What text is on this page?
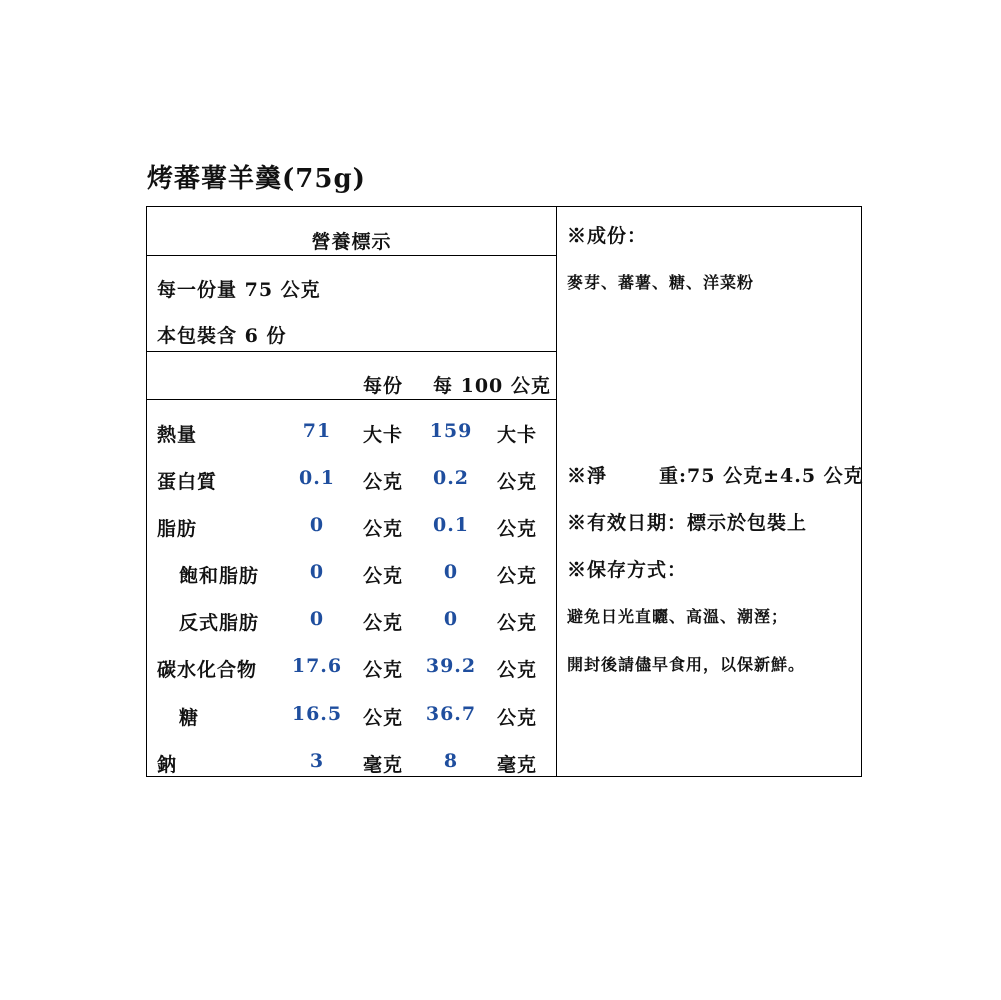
烤蕃薯羊羹(75g)
營養標示
每一份量 75 公克
本包裝含 6 份
每份	每 100 公克
熱量	71	大卡	159	大卡
蛋白質	0.1	公克	0.2	公克
脂肪	0	公克	0.1	公克
飽和脂肪	0	公克	0	公克
反式脂肪	0	公克	0	公克
碳水化合物	17.6	公克	39.2	公克
糖	16.5	公克	36.7	公克
鈉	3	毫克	8	毫克
※成份：
麥芽、蕃薯、糖、洋菜粉
※淨	重:75 公克±4.5 公克
※有效日期：標示於包裝上
※保存方式：
避免日光直曬、高溫、潮溼；
開封後請儘早食用，以保新鮮。
